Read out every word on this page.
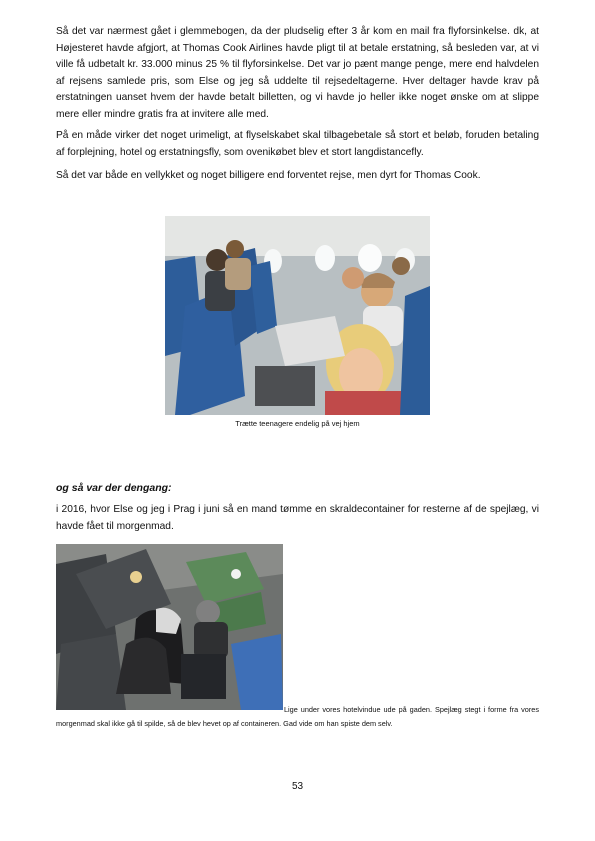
Så det var nærmest gået i glemmebogen, da der pludselig efter 3 år kom en mail fra flyforsinkelse. dk, at Højesteret havde afgjort, at Thomas Cook Airlines havde pligt til at betale erstatning, så besleden var, at vi ville få udbetalt kr. 33.000 minus 25 % til flyforsinkelse. Det var jo pænt mange penge, mere end halvdelen af rejsens samlede pris, som Else og jeg så uddelte til rejsedeltagerne. Hver deltager havde krav på erstatningen uanset hvem der havde betalt billetten, og vi havde jo heller ikke noget ønske om at slippe mere eller mindre gratis fra at invitere alle med.

På en måde virker det noget urimeligt, at flyselskabet skal tilbagebetale så stort et beløb, foruden betaling af forplejning, hotel og erstatningsfly, som ovenikøbet blev et stort langdistancefly.

Så det var både en vellykket og noget billigere end forventet rejse, men dyrt for Thomas Cook.

Trætte teenagere endelig på vej hjem

og så var der dengang:

i 2016, hvor Else og jeg i Prag i juni så en mand tømme en skraldecontainer for resterne af de spejlæg, vi havde fået til morgenmad.

Lige under vores hotelvindue ude på gaden. Spejlæg stegt i forme fra vores morgenmad skal ikke gå til spilde, så de blev hevet op af containeren. Gad vide om han spiste dem selv.

53
